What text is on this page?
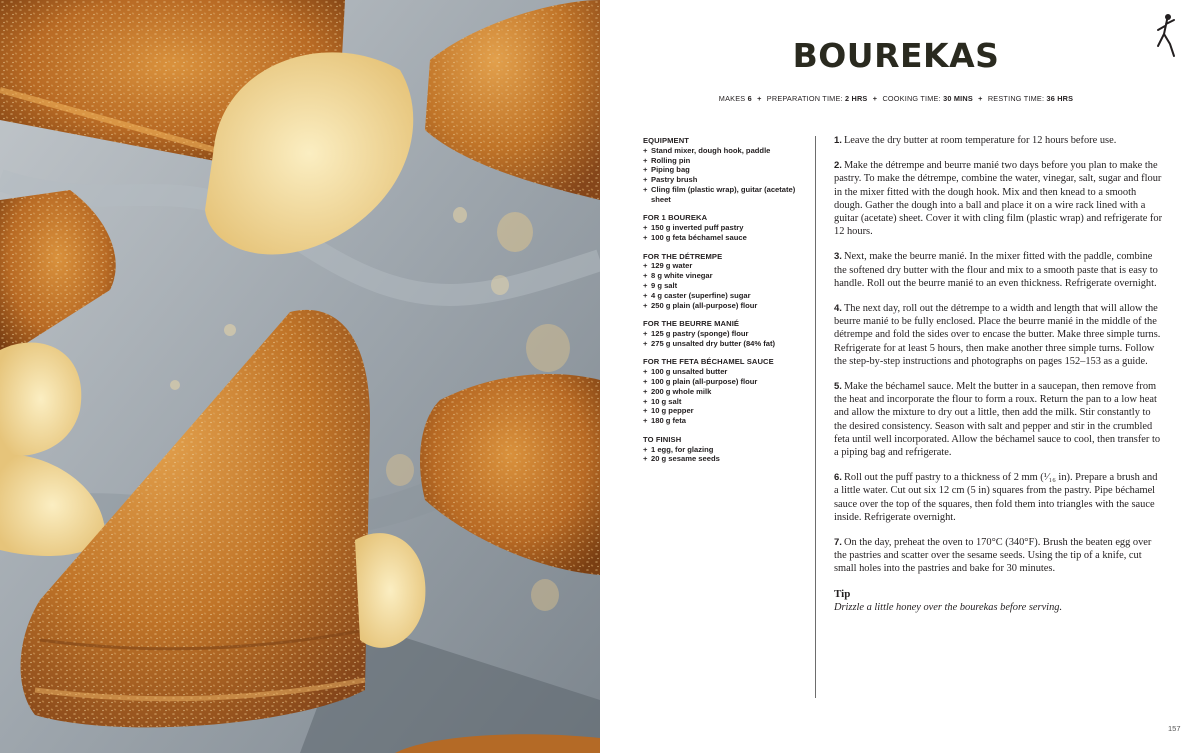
BOUREKAS
MAKES 6 + PREPARATION TIME: 2 HRS + COOKING TIME: 30 MINS + RESTING TIME: 36 HRS
EQUIPMENT
+ Stand mixer, dough hook, paddle
+ Rolling pin
+ Piping bag
+ Pastry brush
+ Cling film (plastic wrap), guitar (acetate) sheet
FOR 1 BOUREKA
+ 150 g inverted puff pastry
+ 100 g feta béchamel sauce
FOR THE DÉTREMPE
+ 129 g water
+ 8 g white vinegar
+ 9 g salt
+ 4 g caster (superfine) sugar
+ 250 g plain (all-purpose) flour
FOR THE BEURRE MANIÉ
+ 125 g pastry (sponge) flour
+ 275 g unsalted dry butter (84% fat)
FOR THE FETA BÉCHAMEL SAUCE
+ 100 g unsalted butter
+ 100 g plain (all-purpose) flour
+ 200 g whole milk
+ 10 g salt
+ 10 g pepper
+ 180 g feta
TO FINISH
+ 1 egg, for glazing
+ 20 g sesame seeds

1. Leave the dry butter at room temperature for 12 hours before use.

2. Make the détrempe and beurre manié two days before you plan to make the pastry. To make the détrempe, combine the water, vinegar, salt, sugar and flour in the mixer fitted with the dough hook. Mix and then knead to a smooth dough. Gather the dough into a ball and place it on a wire rack lined with a guitar (acetate) sheet. Cover it with cling film (plastic wrap) and refrigerate for 12 hours.

3. Next, make the beurre manié. In the mixer fitted with the paddle, combine the softened dry butter with the flour and mix to a smooth paste that is easy to handle. Roll out the beurre manié to an even thickness. Refrigerate overnight.

4. The next day, roll out the détrempe to a width and length that will allow the beurre manié to be fully enclosed. Place the beurre manié in the middle of the détrempe and fold the sides over to encase the butter. Make three simple turns. Refrigerate for at least 5 hours, then make another three simple turns. Follow the step-by-step instructions and photographs on pages 152–153 as a guide.

5. Make the béchamel sauce. Melt the butter in a saucepan, then remove from the heat and incorporate the flour to form a roux. Return the pan to a low heat and allow the mixture to dry out a little, then add the milk. Stir constantly to the desired consistency. Season with salt and pepper and stir in the crumbled feta until well incorporated. Allow the béchamel sauce to cool, then transfer to a piping bag and refrigerate.

6. Roll out the puff pastry to a thickness of 2 mm (¹⁄₁₆ in). Prepare a brush and a little water. Cut out six 12 cm (5 in) squares from the pastry. Pipe béchamel sauce over the top of the squares, then fold them into triangles with the sauce inside. Refrigerate overnight.

7. On the day, preheat the oven to 170°C (340°F). Brush the beaten egg over the pastries and scatter over the sesame seeds. Using the tip of a knife, cut small holes into the pastries and bake for 30 minutes.

Tip

Drizzle a little honey over the bourekas before serving.

157
